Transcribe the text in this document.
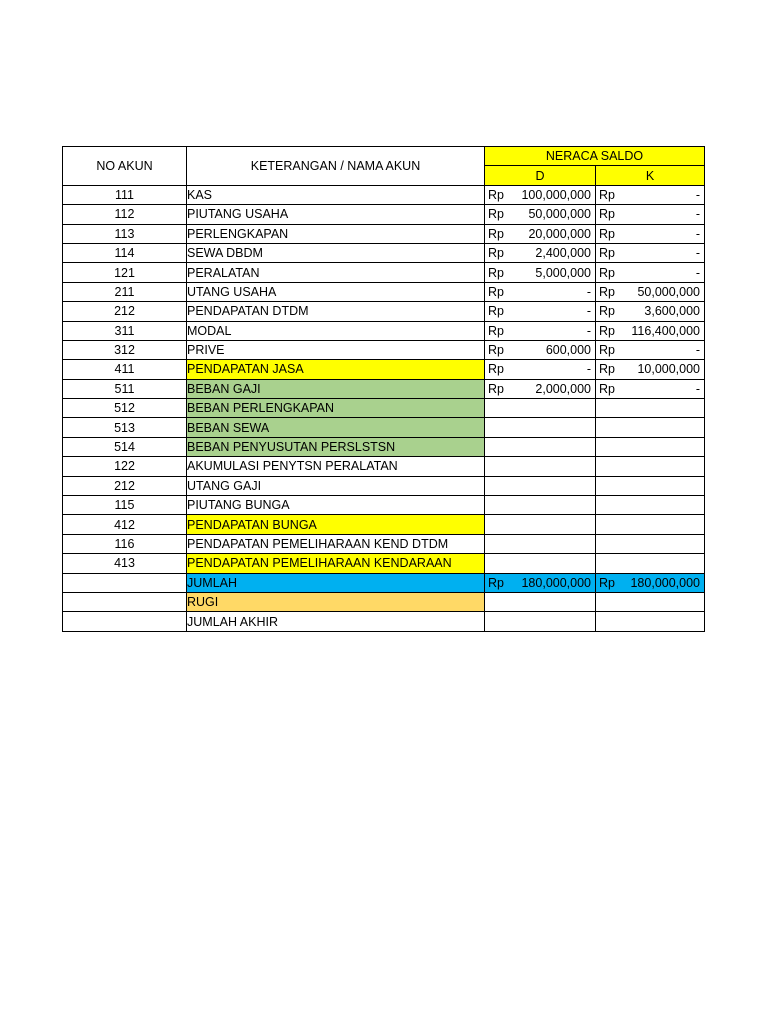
NO AKUN	KETERANGAN / NAMA AKUN	NERACA SALDO	
		D	K
111	KAS	Rp 100,000,000	Rp -

112	PIUTANG USAHA	Rp 50,000,000	Rp -

113	PERLENGKAPAN	Rp 20,000,000	Rp -

114	SEWA DBDM	Rp 2,400,000	Rp -

121	PERALATAN	Rp 5,000,000	Rp -

211	UTANG USAHA	Rp -	Rp 50,000,000

212	PENDAPATAN DTDM	Rp -	Rp 3,600,000

311	MODAL	Rp -	Rp 116,400,000

312	PRIVE	Rp 600,000	Rp -

411	PENDAPATAN JASA	Rp -	Rp 10,000,000

511	BEBAN GAJI	Rp 2,000,000	Rp -

512	BEBAN PERLENGKAPAN		
513	BEBAN SEWA		
514	BEBAN PENYUSUTAN PERSLSTSN		
122	AKUMULASI PENYTSN PERALATAN		
212	UTANG GAJI		
115	PIUTANG BUNGA		
412	PENDAPATAN BUNGA		
116	PENDAPATAN PEMELIHARAAN KEND DTDM		
413	PENDAPATAN PEMELIHARAAN KENDARAAN		
	JUMLAH	Rp 180,000,000	Rp 180,000,000

	RUGI		
	JUMLAH AKHIR		
